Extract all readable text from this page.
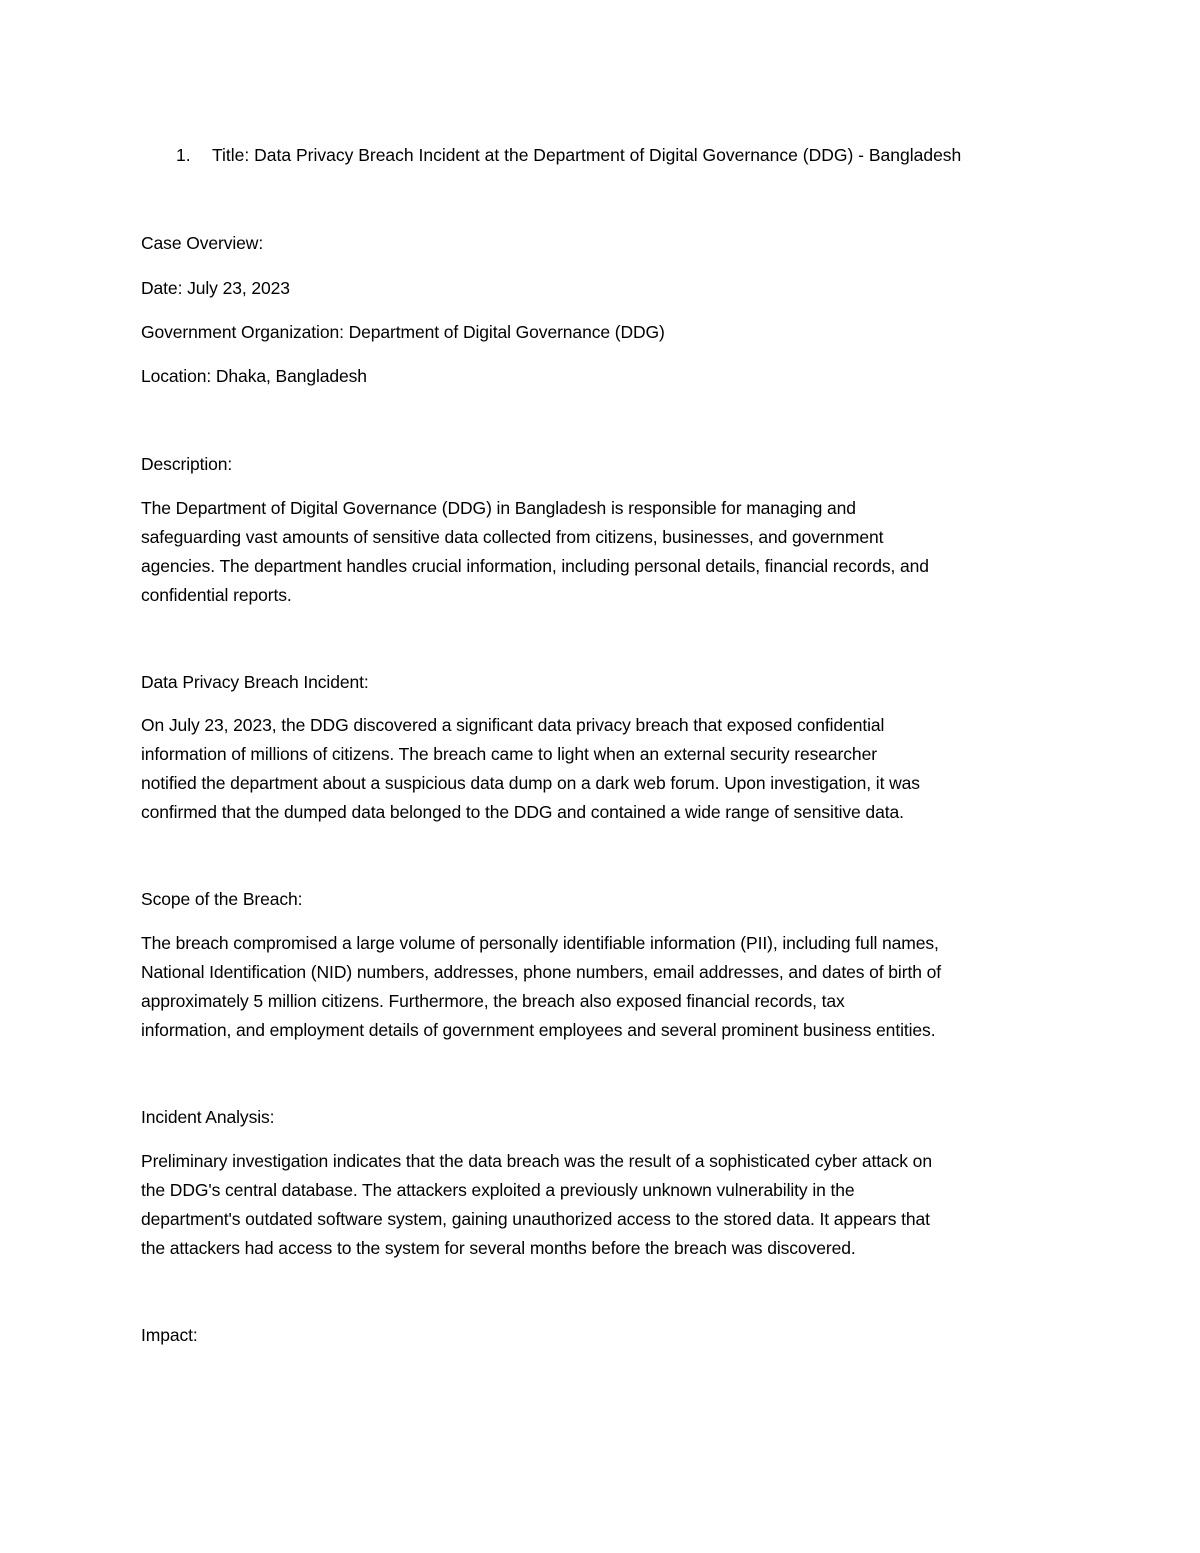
1. Title: Data Privacy Breach Incident at the Department of Digital Governance (DDG) - Bangladesh

Case Overview:

Date: July 23, 2023

Government Organization: Department of Digital Governance (DDG)

Location: Dhaka, Bangladesh

Description:

The Department of Digital Governance (DDG) in Bangladesh is responsible for managing and
safeguarding vast amounts of sensitive data collected from citizens, businesses, and government
agencies. The department handles crucial information, including personal details, financial records, and
confidential reports.

Data Privacy Breach Incident:

On July 23, 2023, the DDG discovered a significant data privacy breach that exposed confidential
information of millions of citizens. The breach came to light when an external security researcher
notified the department about a suspicious data dump on a dark web forum. Upon investigation, it was
confirmed that the dumped data belonged to the DDG and contained a wide range of sensitive data.

Scope of the Breach:

The breach compromised a large volume of personally identifiable information (PII), including full names,
National Identification (NID) numbers, addresses, phone numbers, email addresses, and dates of birth of
approximately 5 million citizens. Furthermore, the breach also exposed financial records, tax
information, and employment details of government employees and several prominent business entities.

Incident Analysis:

Preliminary investigation indicates that the data breach was the result of a sophisticated cyber attack on
the DDG's central database. The attackers exploited a previously unknown vulnerability in the
department's outdated software system, gaining unauthorized access to the stored data. It appears that
the attackers had access to the system for several months before the breach was discovered.

Impact:
